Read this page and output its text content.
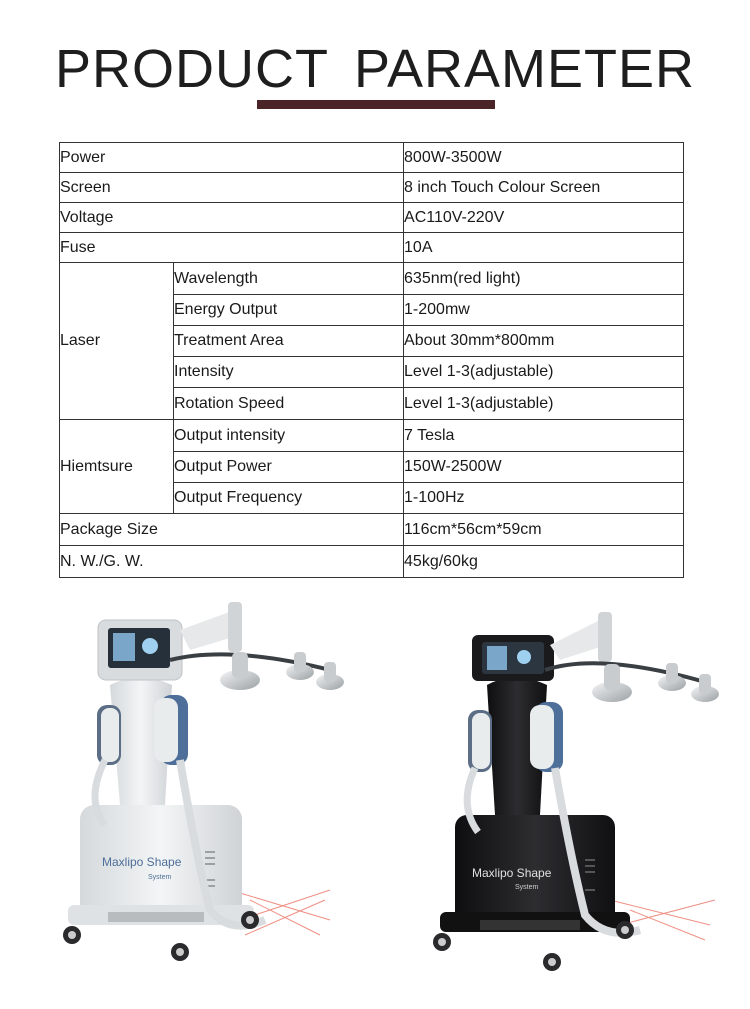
PRODUCT PARAMETER
Power		800W-3500W
Screen		8 inch Touch Colour Screen
Voltage		AC110V-220V
Fuse		10A
Laser	Wavelength	635nm(red light)
	Energy Output	1-200mw
	Treatment Area	About 30mm*800mm
	Intensity	Level 1-3(adjustable)
	Rotation Speed	Level 1-3(adjustable)
Hiemtsure	Output intensity	7 Tesla
	Output Power	150W-2500W
	Output Frequency	1-100Hz
Package Size		116cm*56cm*59cm
N. W./G. W.		45kg/60kg
Maxlipo Shape
System	Maxlipo Shape
System
